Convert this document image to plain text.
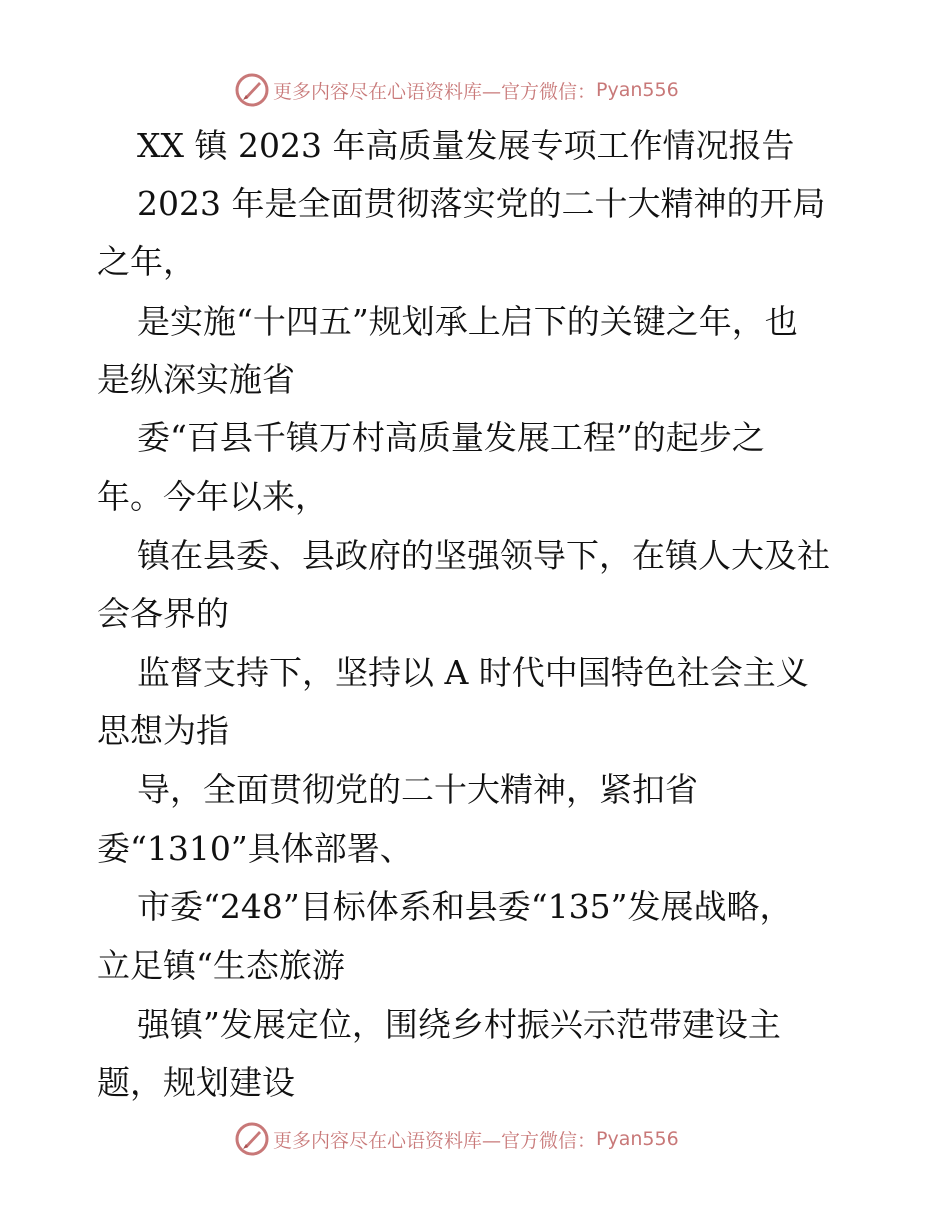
更多内容尽在心语资料库—官方微信： Pyan556
XX 镇 2023 年高质量发展专项工作情况报告
2023 年是全面贯彻落实党的二十大精神的开局
之年，
是实施“十四五”规划承上启下的关键之年，也
是纵深实施省
委“百县千镇万村高质量发展工程”的起步之
年。今年以来，
镇在县委、县政府的坚强领导下，在镇人大及社
会各界的
监督支持下，坚持以 A 时代中国特色社会主义
思想为指
导，全面贯彻党的二十大精神，紧扣省
委“1310”具体部署、
市委“248”目标体系和县委“135”发展战略，
立足镇“生态旅游
强镇”发展定位，围绕乡村振兴示范带建设主
题，规划建设
更多内容尽在心语资料库—官方微信： Pyan556
